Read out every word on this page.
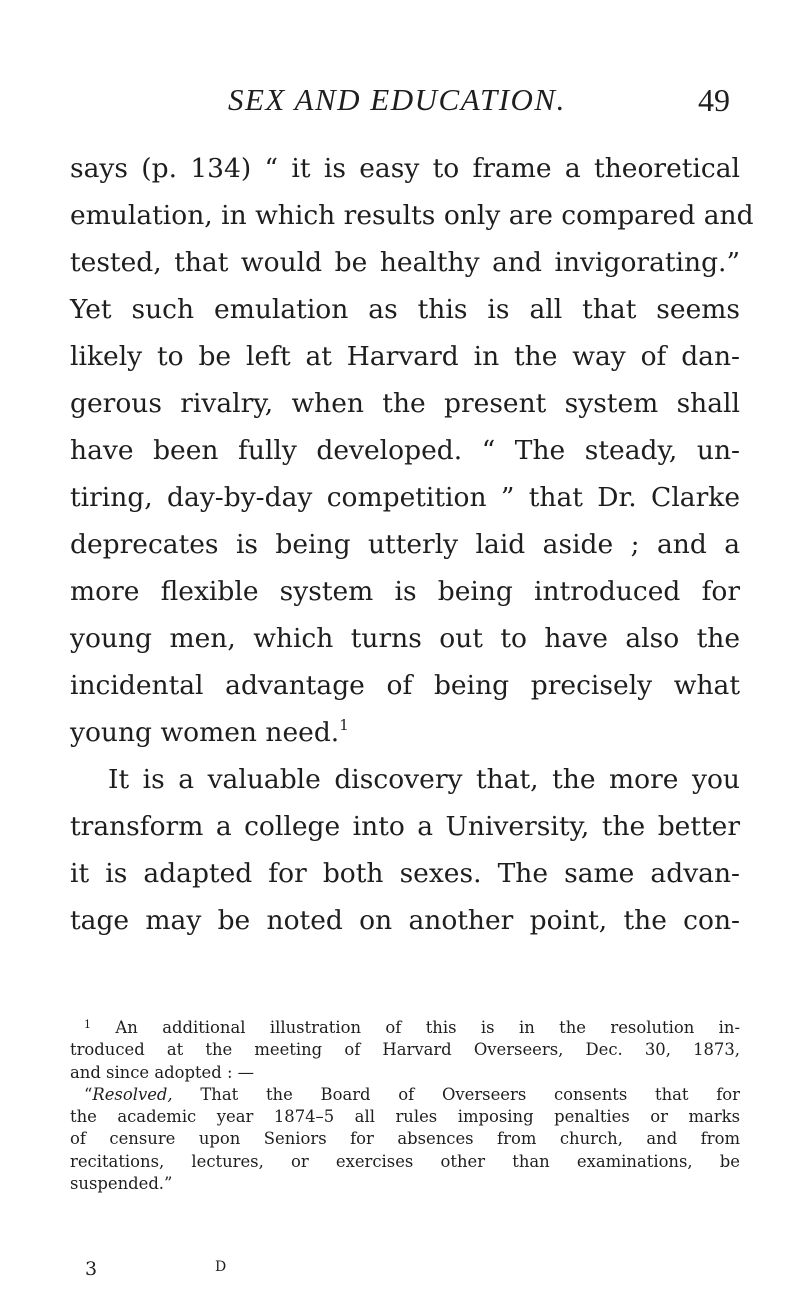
SEX AND EDUCATION.	49
says (p. 134) “ it is easy to frame a theoretical
emulation, in which results only are compared and
tested, that would be healthy and invigorating.”
Yet such emulation as this is all that seems
likely to be left at Harvard in the way of dan-
gerous rivalry, when the present system shall
have been fully developed. “ The steady, un-
tiring, day-by-day competition ” that Dr. Clarke
deprecates is being utterly laid aside ; and a
more flexible system is being introduced for
young men, which turns out to have also the
incidental advantage of being precisely what
young women need.$^1$
It is a valuable discovery that, the more you
transform a college into a University, the better
it is adapted for both sexes. The same advan-
tage may be noted on another point, the con-
$^1$ An additional illustration of this is in the resolution in-
troduced at the meeting of Harvard Overseers, Dec. 30, 1873,
and since adopted : —
“Resolved, That the Board of Overseers consents that for
the academic year 1874–5 all rules imposing penalties or marks
of censure upon Seniors for absences from church, and from
recitations, lectures, or exercises other than examinations, be
suspended.”
3	D
